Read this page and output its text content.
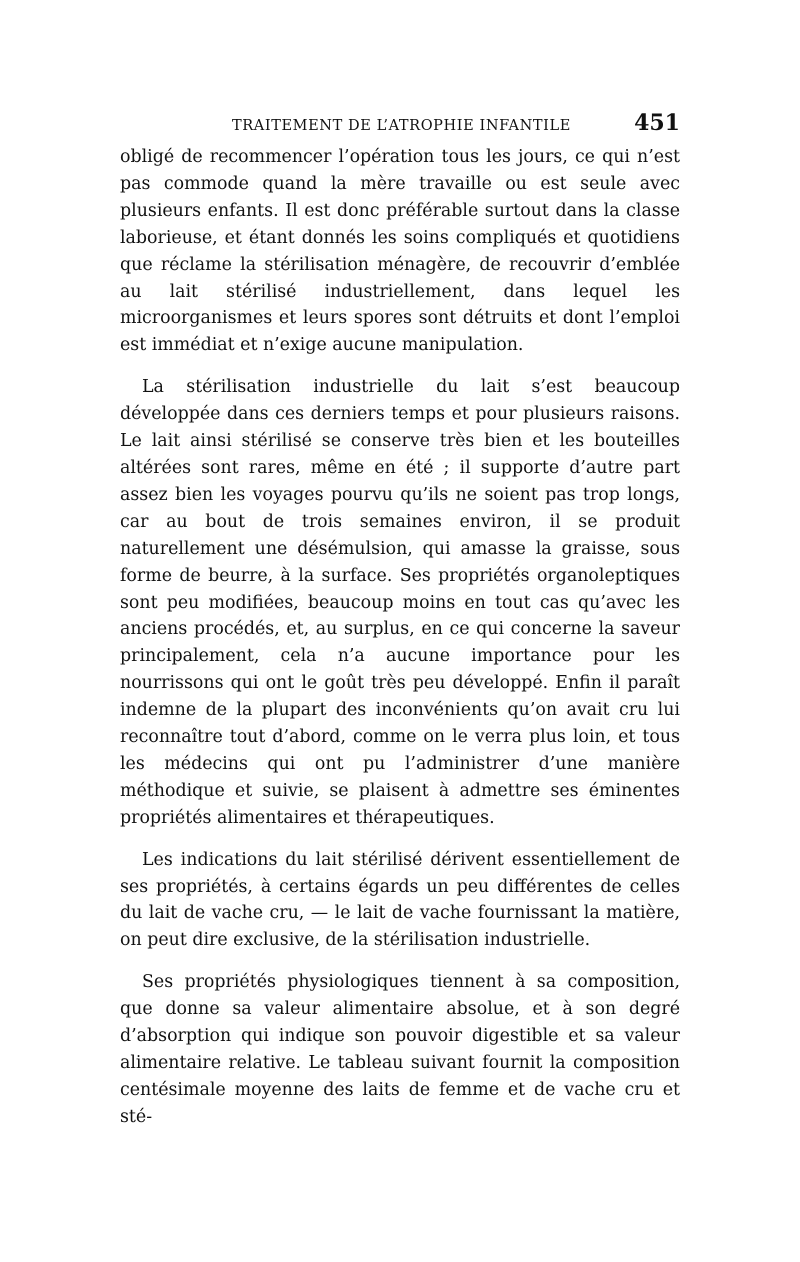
TRAITEMENT DE L’ATROPHIE INFANTILE	451

obligé de recommencer l’opération tous les jours, ce qui n’est pas commode quand la mère travaille ou est seule avec plusieurs enfants. Il est donc préférable surtout dans la classe laborieuse, et étant donnés les soins compliqués et quotidiens que réclame la stérilisation ménagère, de recouvrir d’emblée au lait stérilisé industriellement, dans lequel les microorganismes et leurs spores sont détruits et dont l’emploi est immédiat et n’exige aucune manipulation.

La stérilisation industrielle du lait s’est beaucoup développée dans ces derniers temps et pour plusieurs raisons. Le lait ainsi stérilisé se conserve très bien et les bouteilles altérées sont rares, même en été ; il supporte d’autre part assez bien les voyages pourvu qu’ils ne soient pas trop longs, car au bout de trois semaines environ, il se produit naturellement une désémulsion, qui amasse la graisse, sous forme de beurre, à la surface. Ses propriétés organoleptiques sont peu modifiées, beaucoup moins en tout cas qu’avec les anciens procédés, et, au surplus, en ce qui concerne la saveur principalement, cela n’a aucune importance pour les nourrissons qui ont le goût très peu développé. Enfin il paraît indemne de la plupart des inconvénients qu’on avait cru lui reconnaître tout d’abord, comme on le verra plus loin, et tous les médecins qui ont pu l’administrer d’une manière méthodique et suivie, se plaisent à admettre ses éminentes propriétés alimentaires et thérapeutiques.

Les indications du lait stérilisé dérivent essentiellement de ses propriétés, à certains égards un peu différentes de celles du lait de vache cru, — le lait de vache fournissant la matière, on peut dire exclusive, de la stérilisation industrielle.

Ses propriétés physiologiques tiennent à sa composition, que donne sa valeur alimentaire absolue, et à son degré d’absorption qui indique son pouvoir digestible et sa valeur alimentaire relative. Le tableau suivant fournit la composition centésimale moyenne des laits de femme et de vache cru et sté-
